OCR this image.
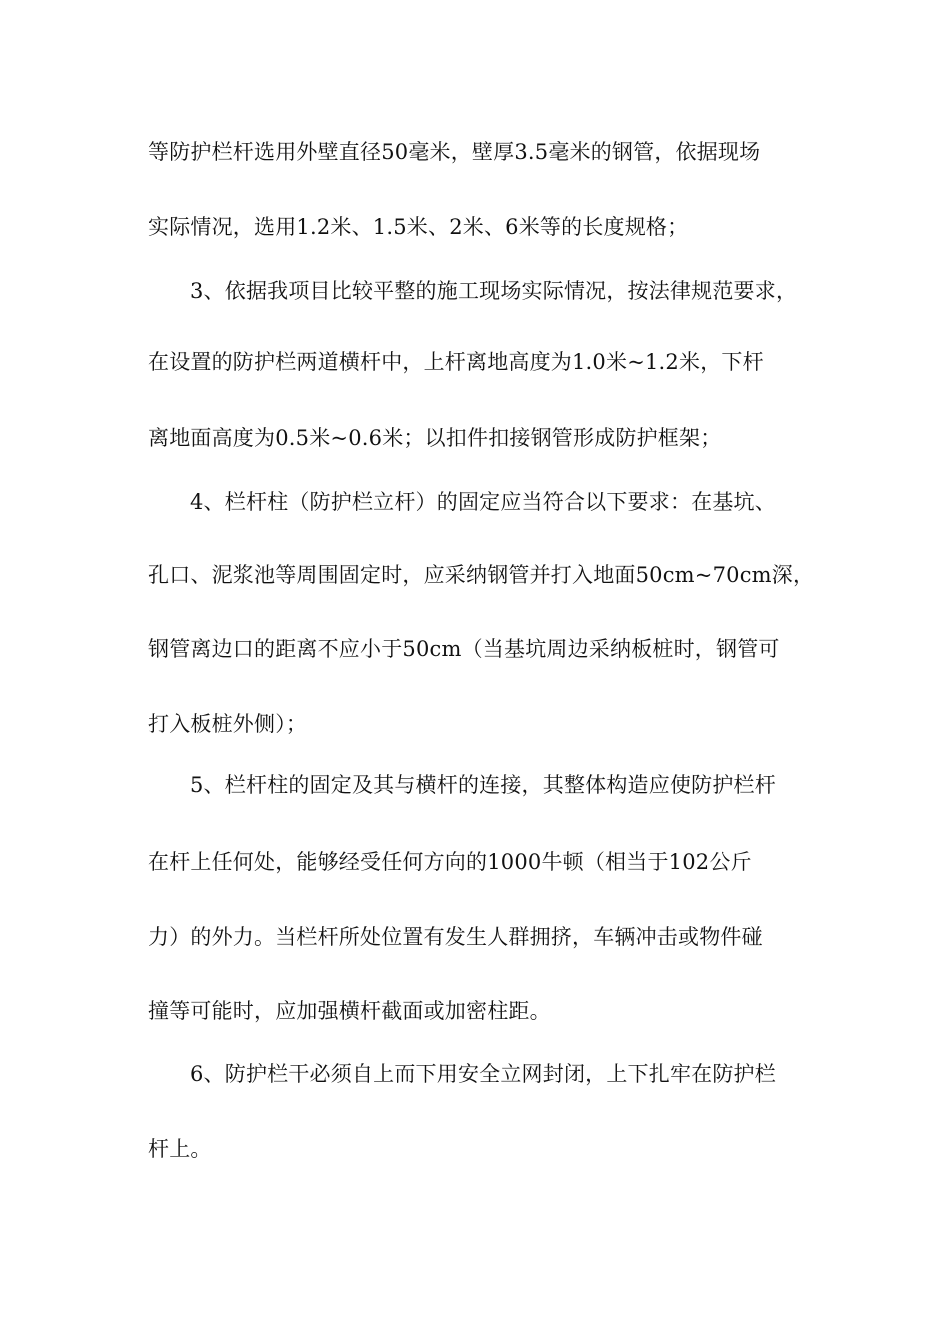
等防护栏杆选用外壁直径50毫米，壁厚3.5毫米的钢管，依据现场
实际情况，选用1.2米、1.5米、2米、6米等的长度规格；
3、依据我项目比较平整的施工现场实际情况，按法律规范要求，
在设置的防护栏两道横杆中，上杆离地高度为1.0米~1.2米，下杆
离地面高度为0.5米~0.6米；以扣件扣接钢管形成防护框架；
4、栏杆柱（防护栏立杆）的固定应当符合以下要求：在基坑、
孔口、泥浆池等周围固定时，应采纳钢管并打入地面50cm~70cm深，
钢管离边口的距离不应小于50cm（当基坑周边采纳板桩时，钢管可
打入板桩外侧）；
5、栏杆柱的固定及其与横杆的连接，其整体构造应使防护栏杆
在杆上任何处，能够经受任何方向的1000牛顿（相当于102公斤
力）的外力。当栏杆所处位置有发生人群拥挤，车辆冲击或物件碰
撞等可能时，应加强横杆截面或加密柱距。
6、防护栏干必须自上而下用安全立网封闭，上下扎牢在防护栏
杆上。
